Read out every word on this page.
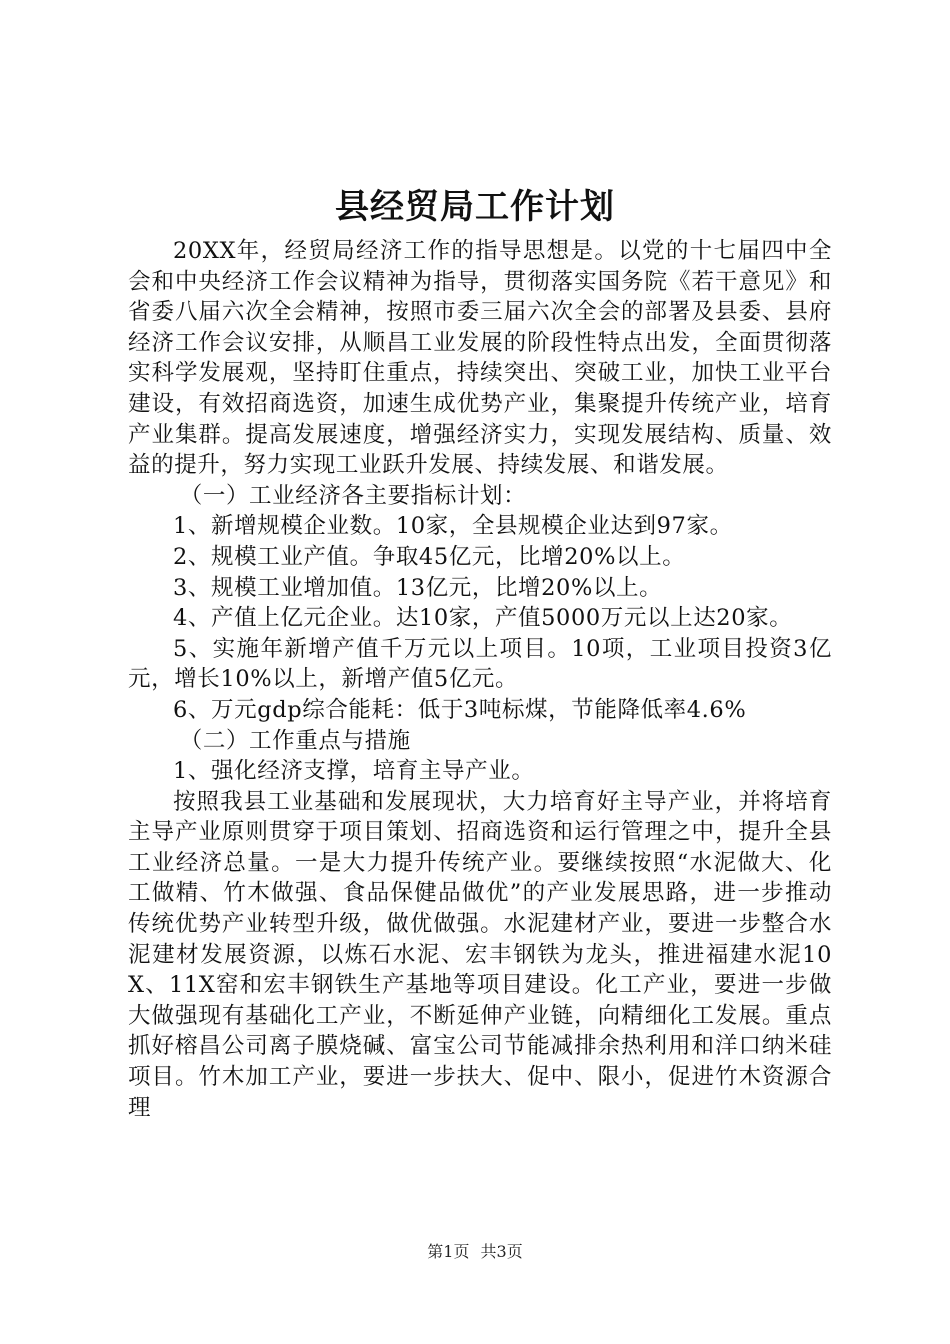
县经贸局工作计划

20XX年，经贸局经济工作的指导思想是。以党的十七届四中全会和中央经济工作会议精神为指导，贯彻落实国务院《若干意见》和省委八届六次全会精神，按照市委三届六次全会的部署及县委、县府经济工作会议安排，从顺昌工业发展的阶段性特点出发，全面贯彻落实科学发展观，坚持盯住重点，持续突出、突破工业，加快工业平台建设，有效招商选资，加速生成优势产业，集聚提升传统产业，培育产业集群。提高发展速度，增强经济实力，实现发展结构、质量、效益的提升，努力实现工业跃升发展、持续发展、和谐发展。

（一）工业经济各主要指标计划：

1、新增规模企业数。10家，全县规模企业达到97家。

2、规模工业产值。争取45亿元，比增20%以上。

3、规模工业增加值。13亿元，比增20%以上。

4、产值上亿元企业。达10家，产值5000万元以上达20家。

5、实施年新增产值千万元以上项目。10项，工业项目投资3亿元，增长10%以上，新增产值5亿元。

6、万元gdp综合能耗：低于3吨标煤，节能降低率4.6%

（二）工作重点与措施

1、强化经济支撑，培育主导产业。

按照我县工业基础和发展现状，大力培育好主导产业，并将培育主导产业原则贯穿于项目策划、招商选资和运行管理之中，提升全县工业经济总量。一是大力提升传统产业。要继续按照“水泥做大、化工做精、竹木做强、食品保健品做优”的产业发展思路，进一步推动传统优势产业转型升级，做优做强。水泥建材产业，要进一步整合水泥建材发展资源，以炼石水泥、宏丰钢铁为龙头，推进福建水泥10X、11X窑和宏丰钢铁生产基地等项目建设。化工产业，要进一步做大做强现有基础化工产业，不断延伸产业链，向精细化工发展。重点抓好榕昌公司离子膜烧碱、富宝公司节能减排余热利用和洋口纳米硅项目。竹木加工产业，要进一步扶大、促中、限小，促进竹木资源合理

第1页 共3页
